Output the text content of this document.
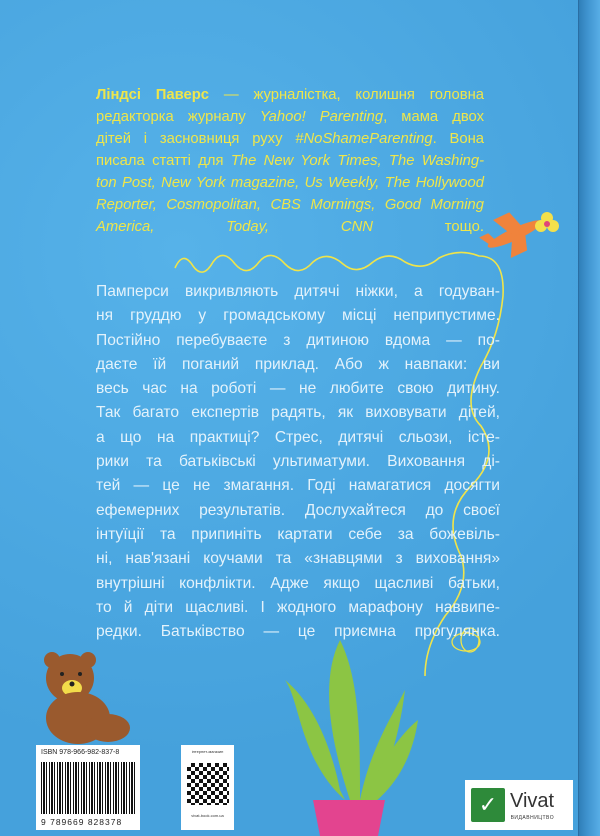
Ліндсі Паверс — журналістка, колишня головна
редакторка журналу Yahoo! Parenting, мама двох
дітей і засновниця руху #NoShameParenting. Вона
писала статті для The New York Times, The Washing-
ton Post, New York magazine, Us Weekly, The Hollywood
Reporter, Cosmopolitan, CBS Mornings, Good Morning
America, Today, CNN тощо.
Памперси викривляють дитячі ніжки, а годуван-
ня груддю у громадському місці неприпустиме.
Постійно перебуваєте з дитиною вдома — по-
даєте їй поганий приклад. Або ж навпаки: ви
весь час на роботі — не любите свою дитину.
Так багато експертів радять, як виховувати дітей,
а що на практиці? Стрес, дитячі сльози, істе-
рики та батьківські ультиматуми. Виховання ді-
тей — це не змагання. Годі намагатися досягти
ефемерних результатів. Дослухайтеся до своєї
інтуїції та припиніть картати себе за божевіль-
ні, нав'язані коучами та «знавцями з виховання»
внутрішні конфлікти. Адже якщо щасливі батьки,
то й діти щасливі. І жодного марафону наввипе-
редки. Батьківство — це приємна прогулянка.
ISBN 978-966-982-837-8
9 789669 828378
інтернет-магазин
vivat-book.com.ua	✓ Vivat
ВИДАВНИЦТВО
